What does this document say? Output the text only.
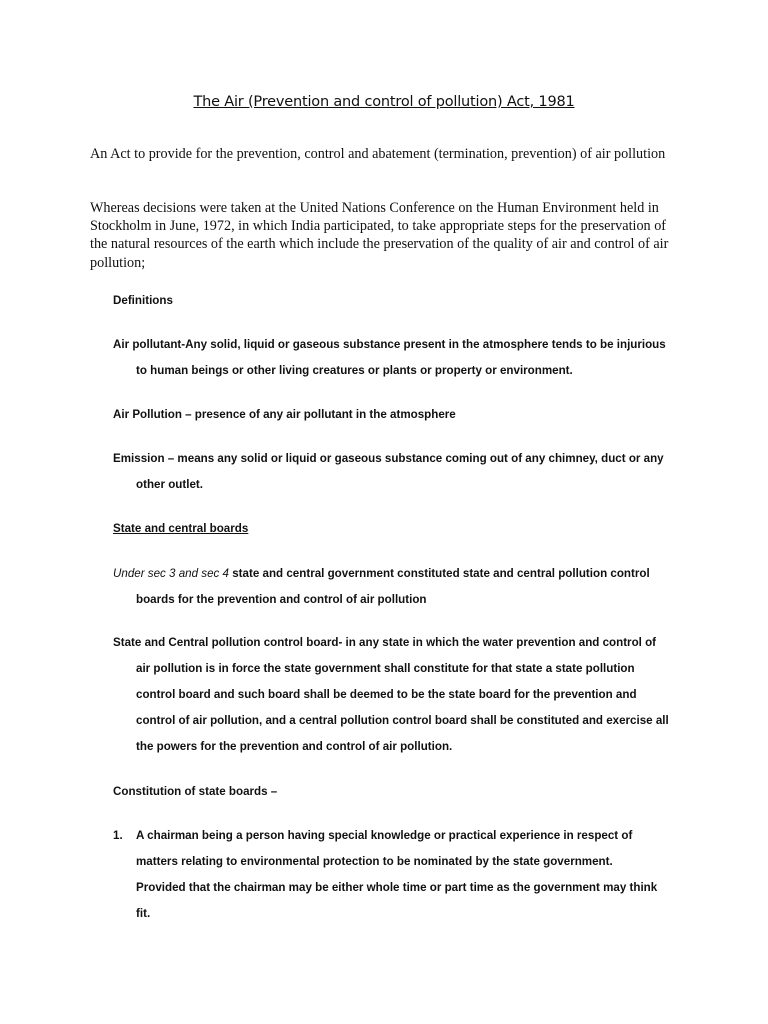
The Air (Prevention and control of pollution) Act, 1981
An Act to provide for the prevention, control and abatement (termination, prevention) of air pollution
Whereas decisions were taken at the United Nations Conference on the Human Environment held in Stockholm in June, 1972, in which India participated, to take appropriate steps for the preservation of the natural resources of the earth which include the preservation of the quality of air and control of air pollution;
Definitions
Air pollutant-Any solid, liquid or gaseous substance present in the atmosphere tends to be injurious
to human beings or other living creatures or plants or property or environment.
Air Pollution – presence of any air pollutant in the atmosphere
Emission – means any solid or liquid or gaseous substance coming out of any chimney, duct or any
other outlet.
State and central boards
Under sec 3 and sec 4 state and central government constituted state and central pollution control
boards for the prevention and control of air pollution
State and Central pollution control board- in any state in which the water prevention and control of
air pollution is in force the state government shall constitute for that state a state pollution
control board and such board shall be deemed to be the state board for the prevention and
control of air pollution, and a central pollution control board shall be constituted and exercise all
the powers for the prevention and control of air pollution.
Constitution of state boards –
1.	A chairman being a person having special knowledge or practical experience in respect of
matters relating to environmental protection to be nominated by the state government.
Provided that the chairman may be either whole time or part time as the government may think
fit.
